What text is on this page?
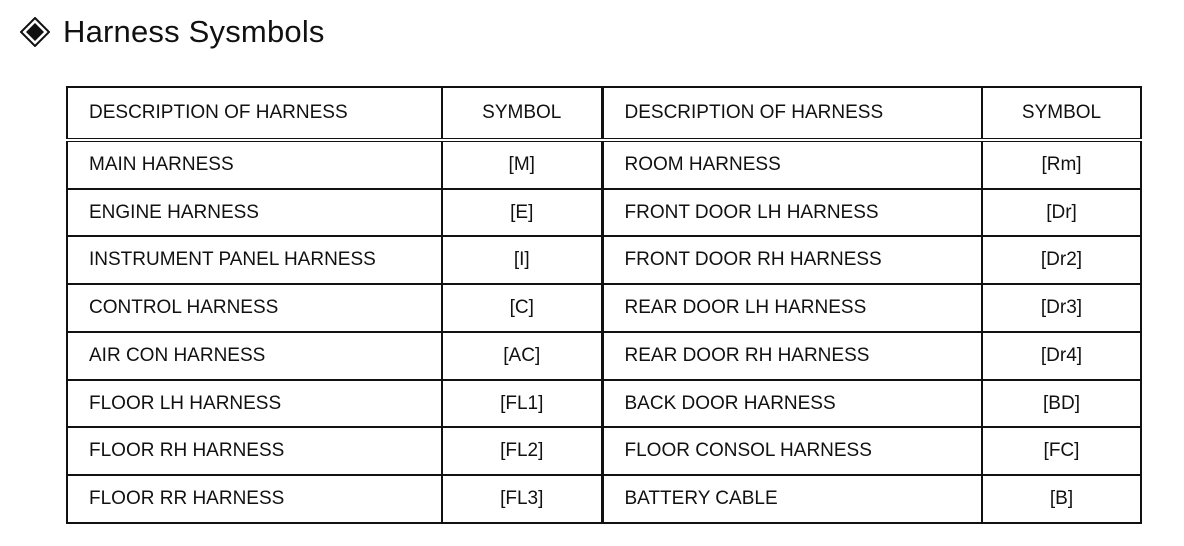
Harness Sysmbols
DESCRIPTION OF HARNESS	SYMBOL	DESCRIPTION OF HARNESS	SYMBOL
MAIN HARNESS	[M]	ROOM HARNESS	[Rm]
ENGINE HARNESS	[E]	FRONT DOOR LH HARNESS	[Dr]
INSTRUMENT PANEL HARNESS	[I]	FRONT DOOR RH HARNESS	[Dr2]
CONTROL HARNESS	[C]	REAR DOOR LH HARNESS	[Dr3]
AIR CON HARNESS	[AC]	REAR DOOR RH HARNESS	[Dr4]
FLOOR LH HARNESS	[FL1]	BACK DOOR HARNESS	[BD]
FLOOR RH HARNESS	[FL2]	FLOOR CONSOL HARNESS	[FC]
FLOOR RR HARNESS	[FL3]	BATTERY CABLE	[B]
